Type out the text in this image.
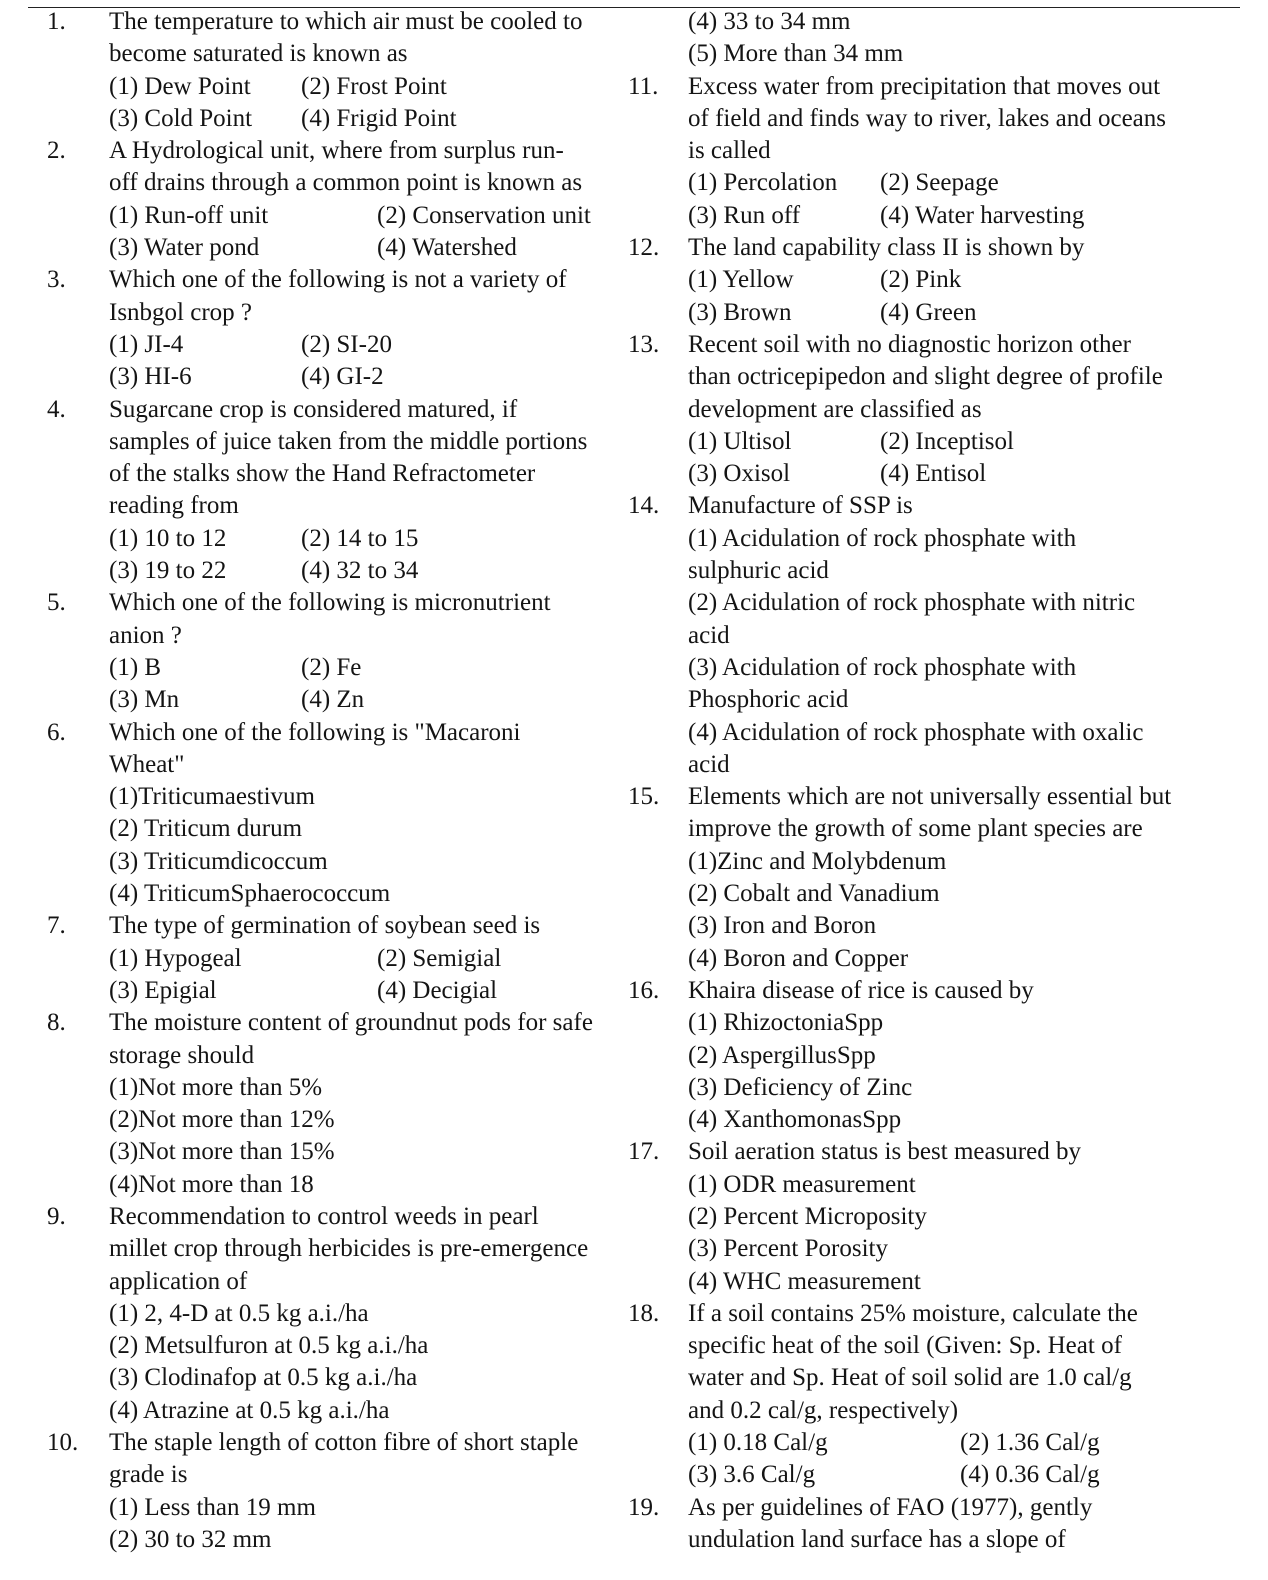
1. The temperature to which air must be cooled to
become saturated is known as
(1) Dew Point (2) Frost Point
(3) Cold Point (4) Frigid Point
2. A Hydrological unit, where from surplus run-
off drains through a common point is known as
(1) Run-off unit	(2) Conservation unit
(3) Water pond	(4) Watershed
3. Which one of the following is not a variety of
Isnbgol crop ?
(1) JI-4	(2) SI-20
(3) HI-6	(4) GI-2
4. Sugarcane crop is considered matured, if
samples of juice taken from the middle portions
of the stalks show the Hand Refractometer
reading from
(1) 10 to 12	(2) 14 to 15
(3) 19 to 22	(4) 32 to 34
5. Which one of the following is micronutrient
anion ?
(1) B	(2) Fe
(3) Mn	(4) Zn
6. Which one of the following is "Macaroni
Wheat"
(1)Triticumaestivum
(2) Triticum durum
(3) Triticumdicoccum
(4) TriticumSphaerococcum
7. The type of germination of soybean seed is
(1) Hypogeal	(2) Semigial
(3) Epigial	(4) Decigial
8. The moisture content of groundnut pods for safe
storage should
(1)Not more than 5%
(2)Not more than 12%
(3)Not more than 15%
(4)Not more than 18
9. Recommendation to control weeds in pearl
millet crop through herbicides is pre-emergence
application of
(1) 2, 4-D at 0.5 kg a.i./ha
(2) Metsulfuron at 0.5 kg a.i./ha
(3) Clodinafop at 0.5 kg a.i./ha
(4) Atrazine at 0.5 kg a.i./ha
10. The staple length of cotton fibre of short staple
grade is
(1) Less than 19 mm
(2) 30 to 32 mm
(4) 33 to 34 mm
(5) More than 34 mm
11. Excess water from precipitation that moves out
of field and finds way to river, lakes and oceans
is called
(1) Percolation (2) Seepage
(3) Run off	(4) Water harvesting
12. The land capability class II is shown by
(1) Yellow	(2) Pink
(3) Brown	(4) Green
13. Recent soil with no diagnostic horizon other
than octricepipedon and slight degree of profile
development are classified as
(1) Ultisol	(2) Inceptisol
(3) Oxisol	(4) Entisol
14. Manufacture of SSP is
(1) Acidulation of rock phosphate with
sulphuric acid
(2) Acidulation of rock phosphate with nitric
acid
(3) Acidulation of rock phosphate with
Phosphoric acid
(4) Acidulation of rock phosphate with oxalic
acid
15. Elements which are not universally essential but
improve the growth of some plant species are
(1)Zinc and Molybdenum
(2) Cobalt and Vanadium
(3) Iron and Boron
(4) Boron and Copper
16. Khaira disease of rice is caused by
(1) RhizoctoniaSpp
(2) AspergillusSpp
(3) Deficiency of Zinc
(4) XanthomonasSpp
17. Soil aeration status is best measured by
(1) ODR measurement
(2) Percent Microposity
(3) Percent Porosity
(4) WHC measurement
18. If a soil contains 25% moisture, calculate the
specific heat of the soil (Given: Sp. Heat of
water and Sp. Heat of soil solid are 1.0 cal/g
and 0.2 cal/g, respectively)
(1) 0.18 Cal/g	(2) 1.36 Cal/g
(3) 3.6 Cal/g	(4) 0.36 Cal/g
19. As per guidelines of FAO (1977), gently
undulation land surface has a slope of
